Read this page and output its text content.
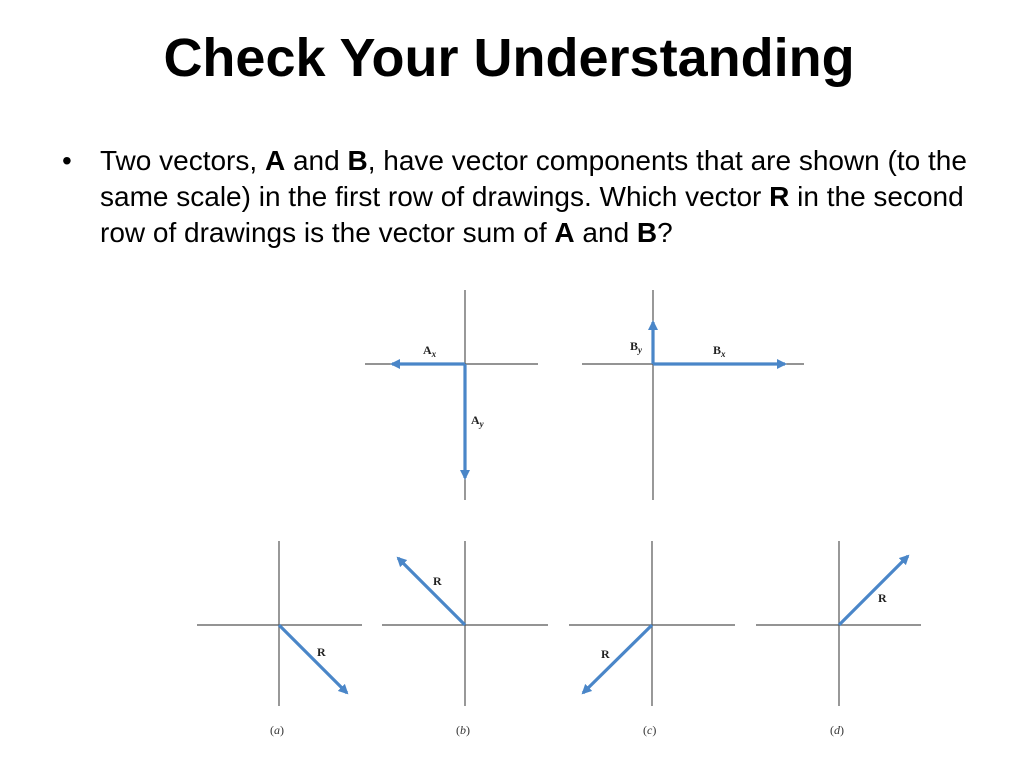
Check Your Understanding
• Two vectors, A and B, have vector components that are shown (to the same scale) in the first row of drawings. Which vector R in the second row of drawings is the vector sum of A and B?
Ax
Ay
By	Bx
R
(a)
R
(b)
R
(c)
R
(d)
